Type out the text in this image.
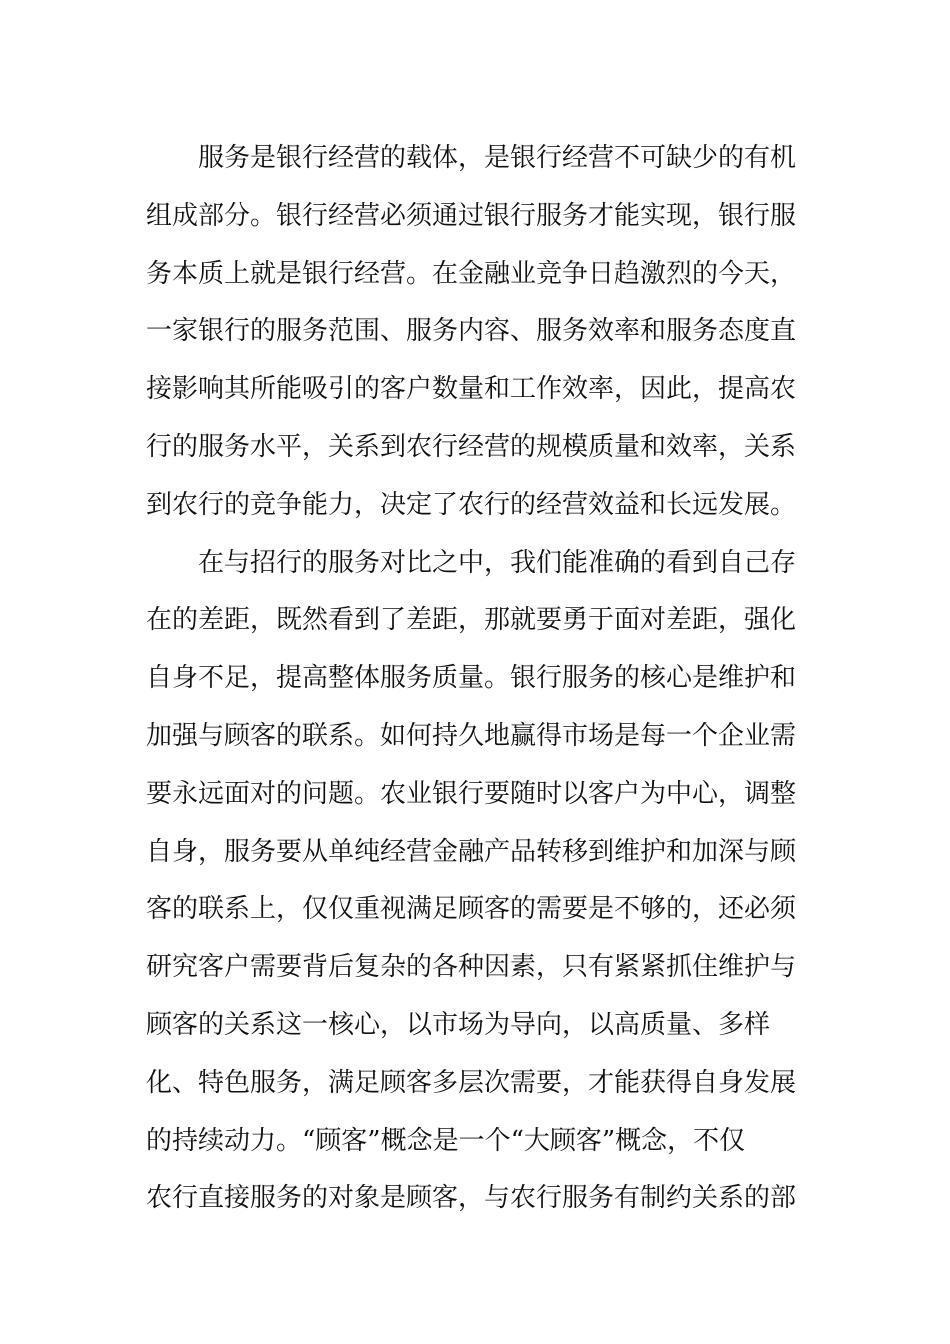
服务是银行经营的载体，是银行经营不可缺少的有机
组成部分。银行经营必须通过银行服务才能实现，银行服
务本质上就是银行经营。在金融业竞争日趋激烈的今天，
一家银行的服务范围、服务内容、服务效率和服务态度直
接影响其所能吸引的客户数量和工作效率，因此，提高农
行的服务水平，关系到农行经营的规模质量和效率，关系
到农行的竞争能力，决定了农行的经营效益和长远发展。
在与招行的服务对比之中，我们能准确的看到自己存
在的差距，既然看到了差距，那就要勇于面对差距，强化
自身不足，提高整体服务质量。银行服务的核心是维护和
加强与顾客的联系。如何持久地赢得市场是每一个企业需
要永远面对的问题。农业银行要随时以客户为中心，调整
自身，服务要从单纯经营金融产品转移到维护和加深与顾
客的联系上，仅仅重视满足顾客的需要是不够的，还必须
研究客户需要背后复杂的各种因素，只有紧紧抓住维护与
顾客的关系这一核心，以市场为导向，以高质量、多样
化、特色服务，满足顾客多层次需要，才能获得自身发展
的持续动力。“顾客”概念是一个“大顾客”概念，不仅
农行直接服务的对象是顾客，与农行服务有制约关系的部
